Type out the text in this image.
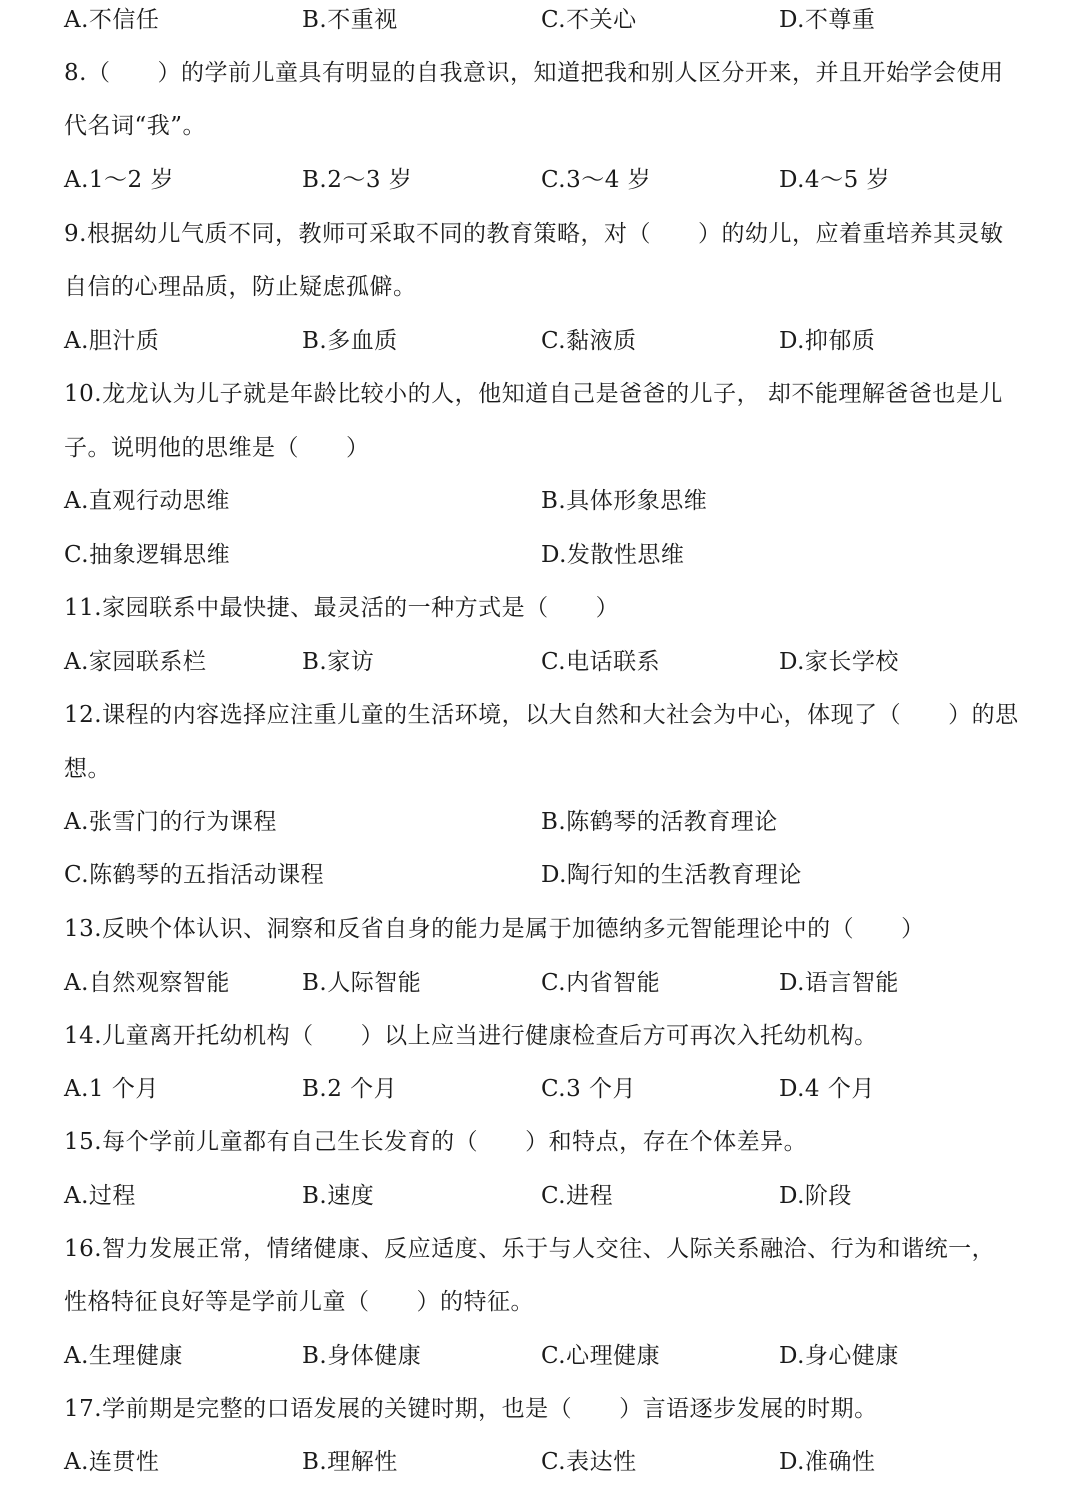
A.不信任	B.不重视	C.不关心	D.不尊重
8.（　　）的学前儿童具有明显的自我意识，知道把我和别人区分开来，并且开始学会使用
代名词“我”。
A.1～2 岁	B.2～3 岁	C.3～4 岁	D.4～5 岁
9.根据幼儿气质不同，教师可采取不同的教育策略，对（　　）的幼儿，应着重培养其灵敏
自信的心理品质，防止疑虑孤僻。
A.胆汁质	B.多血质	C.黏液质	D.抑郁质
10.龙龙认为儿子就是年龄比较小的人，他知道自己是爸爸的儿子， 却不能理解爸爸也是儿
子。说明他的思维是（　　）
A.直观行动思维	B.具体形象思维
C.抽象逻辑思维	D.发散性思维
11.家园联系中最快捷、最灵活的一种方式是（　　）
A.家园联系栏	B.家访	C.电话联系	D.家长学校
12.课程的内容选择应注重儿童的生活环境，以大自然和大社会为中心，体现了（　　）的思
想。
A.张雪门的行为课程	B.陈鹤琴的活教育理论
C.陈鹤琴的五指活动课程	D.陶行知的生活教育理论
13.反映个体认识、洞察和反省自身的能力是属于加德纳多元智能理论中的（　　）
A.自然观察智能	B.人际智能	C.内省智能	D.语言智能
14.儿童离开托幼机构（　　）以上应当进行健康检查后方可再次入托幼机构。
A.1 个月	B.2 个月	C.3 个月	D.4 个月
15.每个学前儿童都有自己生长发育的（　　）和特点，存在个体差异。
A.过程	B.速度	C.进程	D.阶段
16.智力发展正常，情绪健康、反应适度、乐于与人交往、人际关系融洽、行为和谐统一，
性格特征良好等是学前儿童（　　）的特征。
A.生理健康	B.身体健康	C.心理健康	D.身心健康
17.学前期是完整的口语发展的关键时期，也是（　　）言语逐步发展的时期。
A.连贯性	B.理解性	C.表达性	D.准确性
